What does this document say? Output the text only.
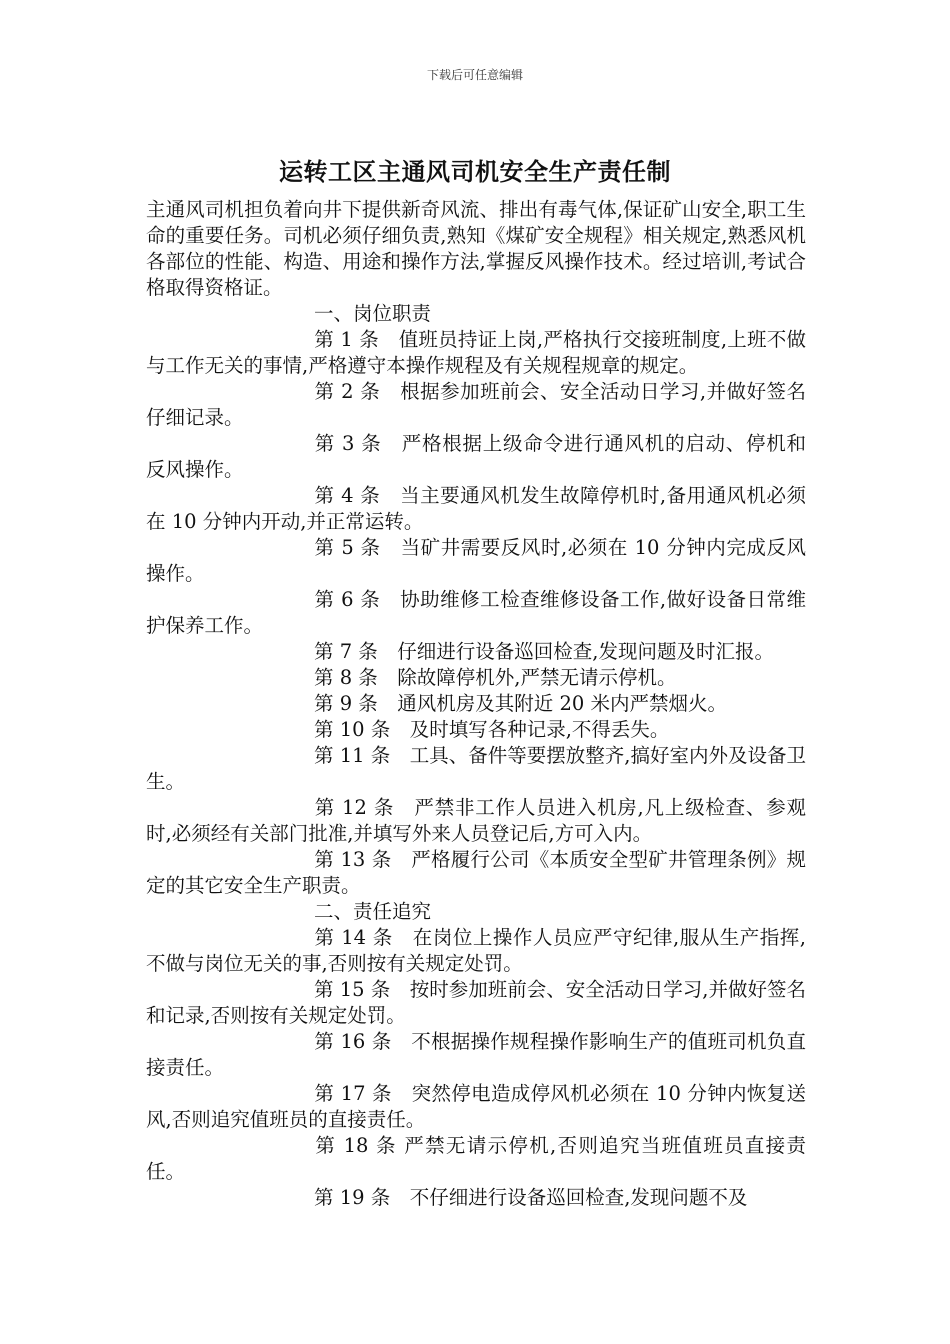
下载后可任意编辑
运转工区主通风司机安全生产责任制

主通风司机担负着向井下提供新奇风流、排出有毒气体,保证矿山安全,职工生命的重要任务。司机必须仔细负责,熟知《煤矿安全规程》相关规定,熟悉风机各部位的性能、构造、用途和操作方法,掌握反风操作技术。经过培训,考试合格取得资格证。

一、岗位职责

第 1 条　值班员持证上岗,严格执行交接班制度,上班不做与工作无关的事情,严格遵守本操作规程及有关规程规章的规定。

第 2 条　根据参加班前会、安全活动日学习,并做好签名仔细记录。

第 3 条　严格根据上级命令进行通风机的启动、停机和反风操作。

第 4 条　当主要通风机发生故障停机时,备用通风机必须在 10 分钟内开动,并正常运转。

第 5 条　当矿井需要反风时,必须在 10 分钟内完成反风操作。

第 6 条　协助维修工检查维修设备工作,做好设备日常维护保养工作。

第 7 条　仔细进行设备巡回检查,发现问题及时汇报。

第 8 条　除故障停机外,严禁无请示停机。

第 9 条　通风机房及其附近 20 米内严禁烟火。

第 10 条　及时填写各种记录,不得丢失。

第 11 条　工具、备件等要摆放整齐,搞好室内外及设备卫生。

第 12 条　严禁非工作人员进入机房,凡上级检查、参观时,必须经有关部门批准,并填写外来人员登记后,方可入内。

第 13 条　严格履行公司《本质安全型矿井管理条例》规定的其它安全生产职责。

二、责任追究

第 14 条　在岗位上操作人员应严守纪律,服从生产指挥,不做与岗位无关的事,否则按有关规定处罚。

第 15 条　按时参加班前会、安全活动日学习,并做好签名和记录,否则按有关规定处罚。

第 16 条　不根据操作规程操作影响生产的值班司机负直接责任。

第 17 条　突然停电造成停风机必须在 10 分钟内恢复送风,否则追究值班员的直接责任。

第 18 条 严禁无请示停机,否则追究当班值班员直接责任。

第 19 条　不仔细进行设备巡回检查,发现问题不及
